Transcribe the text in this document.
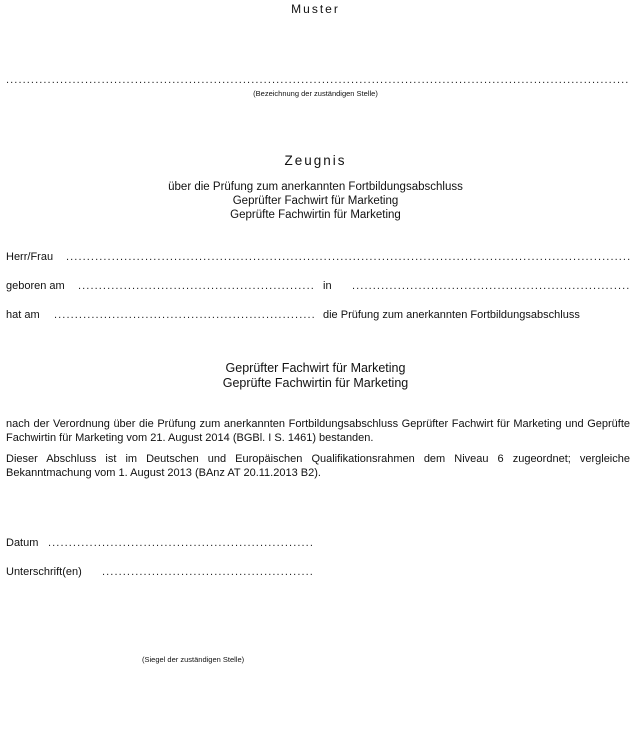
Muster
.....
(Bezeichnung der zuständigen Stelle)
Zeugnis
über die Prüfung zum anerkannten Fortbildungsabschluss
Geprüfter Fachwirt für Marketing
Geprüfte Fachwirtin für Marketing
Herr/Frau
.....
geboren am .....	in
.....
hat am .....	die Prüfung zum anerkannten Fortbildungsabschluss
Geprüfter Fachwirt für Marketing
Geprüfte Fachwirtin für Marketing
nach der Verordnung über die Prüfung zum anerkannten Fortbildungsabschluss Geprüfter Fachwirt für Marketing und Geprüfte Fachwirtin für Marketing vom 21. August 2014 (BGBl. I S. 1461) bestanden.
Dieser Abschluss ist im Deutschen und Europäischen Qualifikationsrahmen dem Niveau 6 zugeordnet; vergleiche Bekanntmachung vom 1. August 2013 (BAnz AT 20.11.2013 B2).
Datum
.....
Unterschrift(en)
.....
(Siegel der zuständigen Stelle)
